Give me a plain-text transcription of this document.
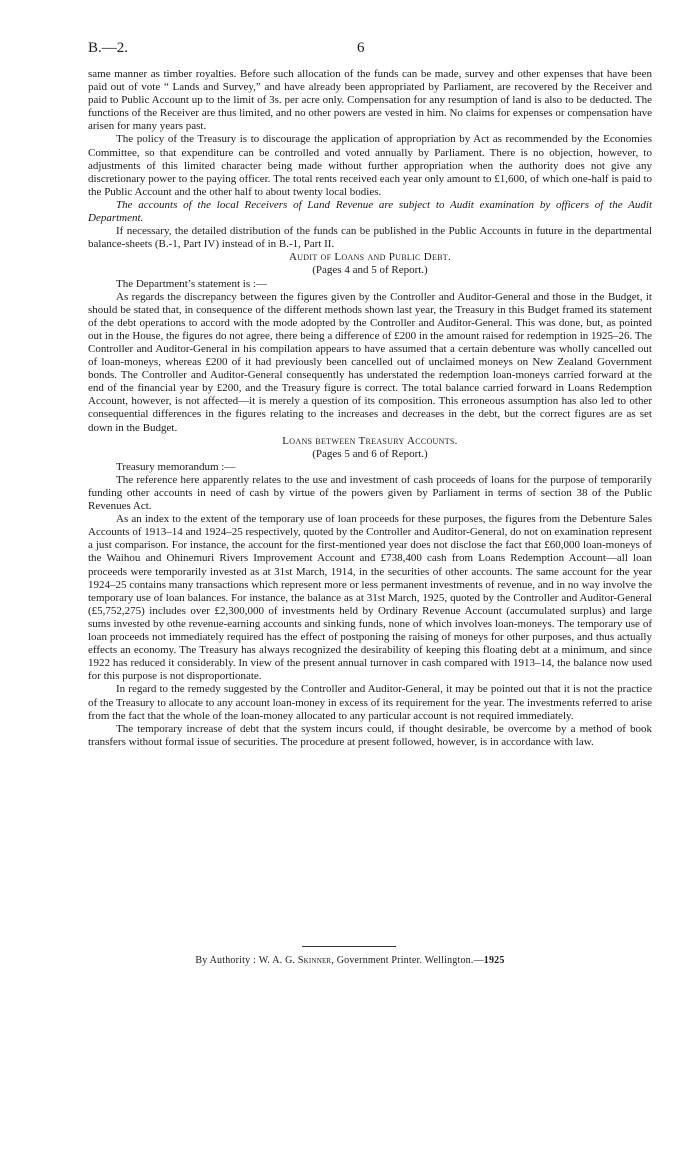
B.—2.	6

same manner as timber royalties. Before such allocation of the funds can be made, survey and other expenses that have been paid out of vote “ Lands and Survey,” and have already been appropriated by Parliament, are recovered by the Receiver and paid to Public Account up to the limit of 3s. per acre only. Compensation for any resumption of land is also to be deducted. The functions of the Receiver are thus limited, and no other powers are vested in him. No claims for expenses or compensation have arisen for many years past.

The policy of the Treasury is to discourage the application of appropriation by Act as recommended by the Economies Committee, so that expenditure can be controlled and voted annually by Parliament. There is no objection, however, to adjustments of this limited character being made without further appropriation when the authority does not give any discretionary power to the paying officer. The total rents received each year only amount to £1,600, of which one-half is paid to the Public Account and the other half to about twenty local bodies.

The accounts of the local Receivers of Land Revenue are subject to Audit examination by officers of the Audit Department.

If necessary, the detailed distribution of the funds can be published in the Public Accounts in future in the departmental balance-sheets (B.-1, Part IV) instead of in B.-1, Part II.

Audit of Loans and Public Debt.

(Pages 4 and 5 of Report.)

The Department’s statement is :—

As regards the discrepancy between the figures given by the Controller and Auditor-General and those in the Budget, it should be stated that, in consequence of the different methods shown last year, the Treasury in this Budget framed its statement of the debt operations to accord with the mode adopted by the Controller and Auditor-General. This was done, but, as pointed out in the House, the figures do not agree, there being a difference of £200 in the amount raised for redemption in 1925–26. The Controller and Auditor-General in his compilation appears to have assumed that a certain debenture was wholly cancelled out of loan-moneys, whereas £200 of it had previously been cancelled out of unclaimed moneys on New Zealand Government bonds. The Controller and Auditor-General consequently has understated the redemption loan-moneys carried forward at the end of the financial year by £200, and the Treasury figure is correct. The total balance carried forward in Loans Redemption Account, however, is not affected—it is merely a question of its composition. This erroneous assumption has also led to other consequential differences in the figures relating to the increases and decreases in the debt, but the correct figures are as set down in the Budget.

Loans between Treasury Accounts.

(Pages 5 and 6 of Report.)

Treasury memorandum :—

The reference here apparently relates to the use and investment of cash proceeds of loans for the purpose of temporarily funding other accounts in need of cash by virtue of the powers given by Parliament in terms of section 38 of the Public Revenues Act.

As an index to the extent of the temporary use of loan proceeds for these purposes, the figures from the Debenture Sales Accounts of 1913–14 and 1924–25 respectively, quoted by the Controller and Auditor-General, do not on examination represent a just comparison. For instance, the account for the first-mentioned year does not disclose the fact that £60,000 loan-moneys of the Waihou and Ohinemuri Rivers Improvement Account and £738,400 cash from Loans Redemption Account—all loan proceeds were temporarily invested as at 31st March, 1914, in the securities of other accounts. The same account for the year 1924–25 contains many transactions which represent more or less permanent investments of revenue, and in no way involve the temporary use of loan balances. For instance, the balance as at 31st March, 1925, quoted by the Controller and Auditor-General (£5,752,275) includes over £2,300,000 of investments held by Ordinary Revenue Account (accumulated surplus) and large sums invested by othe revenue-earning accounts and sinking funds, none of which involves loan-moneys. The temporary use of loan proceeds not immediately required has the effect of postponing the raising of moneys for other purposes, and thus actually effects an economy. The Treasury has always recognized the desirability of keeping this floating debt at a minimum, and since 1922 has reduced it considerably. In view of the present annual turnover in cash compared with 1913–14, the balance now used for this purpose is not disproportionate.

In regard to the remedy suggested by the Controller and Auditor-General, it may be pointed out that it is not the practice of the Treasury to allocate to any account loan-money in excess of its requirement for the year. The investments referred to arise from the fact that the whole of the loan-money allocated to any particular account is not required immediately.

The temporary increase of debt that the system incurs could, if thought desirable, be overcome by a method of book transfers without formal issue of securities. The procedure at present followed, however, is in accordance with law.

By Authority : W. A. G. Skinner, Government Printer. Wellington.—1925
